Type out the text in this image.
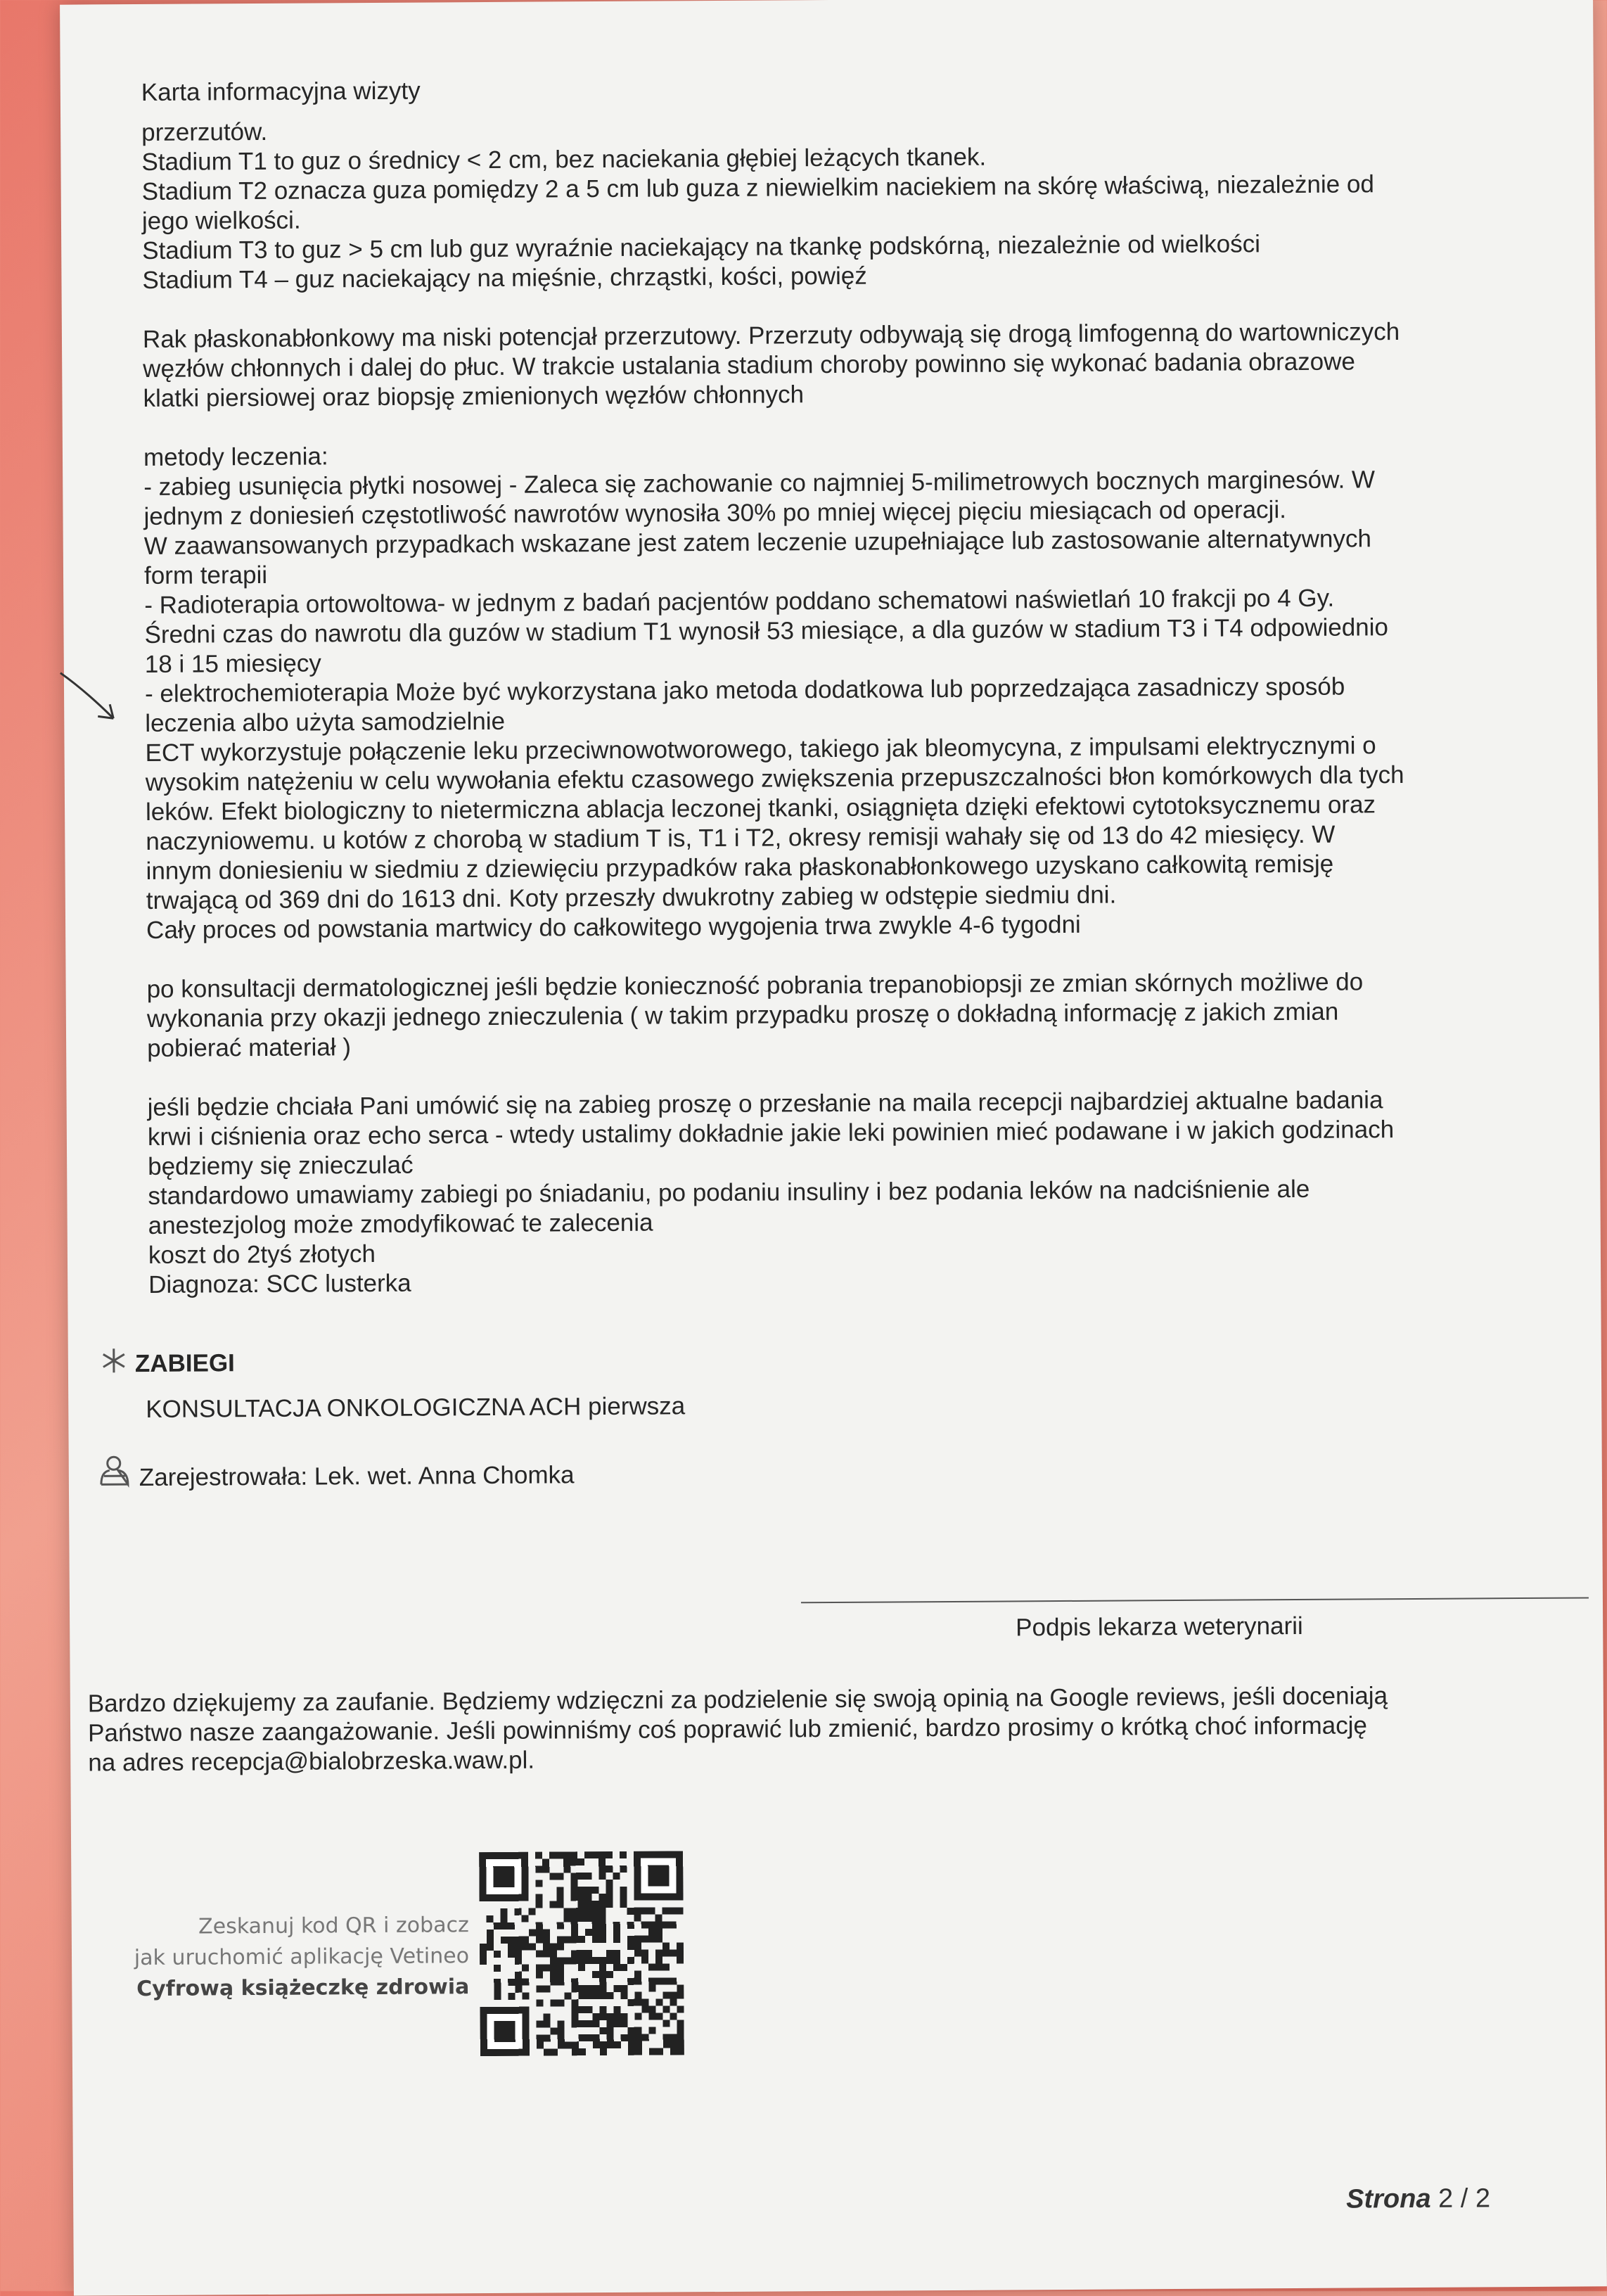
Karta informacyjna wizyty

przerzutów.

Stadium T1 to guz o średnicy < 2 cm, bez naciekania głębiej leżących tkanek.

Stadium T2 oznacza guza pomiędzy 2 a 5 cm lub guza z niewielkim naciekiem na skórę właściwą, niezależnie od

jego wielkości.

Stadium T3 to guz > 5 cm lub guz wyraźnie naciekający na tkankę podskórną, niezależnie od wielkości

Stadium T4 – guz naciekający na mięśnie, chrząstki, kości, powięź

Rak płaskonabłonkowy ma niski potencjał przerzutowy. Przerzuty odbywają się drogą limfogenną do wartowniczych

węzłów chłonnych i dalej do płuc. W trakcie ustalania stadium choroby powinno się wykonać badania obrazowe

klatki piersiowej oraz biopsję zmienionych węzłów chłonnych

metody leczenia:

- zabieg usunięcia płytki nosowej - Zaleca się zachowanie co najmniej 5-milimetrowych bocznych marginesów. W

jednym z doniesień częstotliwość nawrotów wynosiła 30% po mniej więcej pięciu miesiącach od operacji.

W zaawansowanych przypadkach wskazane jest zatem leczenie uzupełniające lub zastosowanie alternatywnych

form terapii

- Radioterapia ortowoltowa- w jednym z badań pacjentów poddano schematowi naświetlań 10 frakcji po 4 Gy.

Średni czas do nawrotu dla guzów w stadium T1 wynosił 53 miesiące, a dla guzów w stadium T3 i T4 odpowiednio

18 i 15 miesięcy

- elektrochemioterapia Może być wykorzystana jako metoda dodatkowa lub poprzedzająca zasadniczy sposób

leczenia albo użyta samodzielnie

ECT wykorzystuje połączenie leku przeciwnowotworowego, takiego jak bleomycyna, z impulsami elektrycznymi o

wysokim natężeniu w celu wywołania efektu czasowego zwiększenia przepuszczalności błon komórkowych dla tych

leków. Efekt biologiczny to nietermiczna ablacja leczonej tkanki, osiągnięta dzięki efektowi cytotoksycznemu oraz

naczyniowemu. u kotów z chorobą w stadium T is, T1 i T2, okresy remisji wahały się od 13 do 42 miesięcy. W

innym doniesieniu w siedmiu z dziewięciu przypadków raka płaskonabłonkowego uzyskano całkowitą remisję

trwającą od 369 dni do 1613 dni. Koty przeszły dwukrotny zabieg w odstępie siedmiu dni.

Cały proces od powstania martwicy do całkowitego wygojenia trwa zwykle 4-6 tygodni

po konsultacji dermatologicznej jeśli będzie konieczność pobrania trepanobiopsji ze zmian skórnych możliwe do

wykonania przy okazji jednego znieczulenia ( w takim przypadku proszę o dokładną informację z jakich zmian

pobierać materiał )

jeśli będzie chciała Pani umówić się na zabieg proszę o przesłanie na maila recepcji najbardziej aktualne badania

krwi i ciśnienia oraz echo serca - wtedy ustalimy dokładnie jakie leki powinien mieć podawane i w jakich godzinach

będziemy się znieczulać

standardowo umawiamy zabiegi po śniadaniu, po podaniu insuliny i bez podania leków na nadciśnienie ale

anestezjolog może zmodyfikować te zalecenia

koszt do 2tyś złotych

Diagnoza: SCC lusterka

ZABIEGI

KONSULTACJA ONKOLOGICZNA ACH pierwsza

Zarejestrowała: Lek. wet. Anna Chomka

Podpis lekarza weterynarii

Bardzo dziękujemy za zaufanie. Będziemy wdzięczni za podzielenie się swoją opinią na Google reviews, jeśli doceniają

Państwo nasze zaangażowanie. Jeśli powinniśmy coś poprawić lub zmienić, bardzo prosimy o krótką choć informację

na adres recepcja@bialobrzeska.waw.pl.

Zeskanuj kod QR i zobacz
jak uruchomić aplikację Vetineo
Cyfrową książeczkę zdrowia
Strona 2 / 2
